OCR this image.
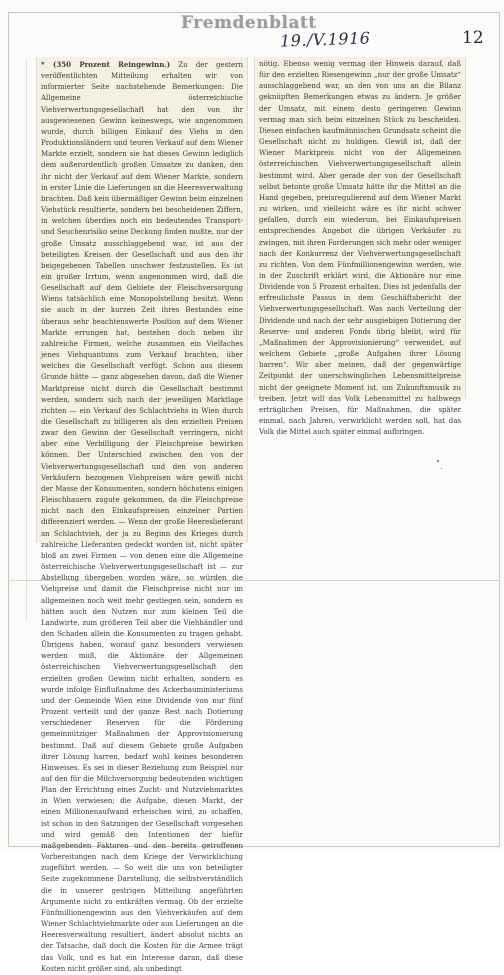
Fremdenblatt
19./V.1916	12

* (350 Prozent Reingewinn.) Zu der gestern veröffentlichten Mitteilung erhalten wir von informierter Seite nachstehende Bemerkungen: Die Allgemeine österreichische Viehverwertungsgesellschaft hat den von ihr ausgewiesenen Gewinn keineswegs, wie angenommen wurde, durch billigen Einkauf des Viehs in den Produktionsländern und teuren Verkauf auf dem Wiener Markte erzielt, sondern sie hat dieses Gewinn lediglich dem außerordentlich großen Umsatze zu danken, den ihr nicht der Verkauf auf dem Wiener Markte, sondern in erster Linie die Lieferungen an die Heeresverwaltung brachten. Daß kein übermäßiger Gewinn beim einzelnen Viehstück resultierte, sondern bei bescheidenen Ziffern, in welchen überdies noch ein bedeutendes Transport- und Seuchenrisiko seine Deckung finden mußte, nur der große Umsatz ausschlaggebend war, ist aus der beteiligten Kreisen der Gesellschaft und aus den ihr beigegebenen Tabellen unschwer festzustellen. Es ist ein großer Irrtum, wenn angenommen wird, daß die Gesellschaft auf dem Gebiete der Fleischversorgung Wiens tatsächlich eine Monopolstellung besitzt. Wenn sie auch in der kurzen Zeit ihres Bestandes eine überaus sehr beachtenswerte Position auf dem Wiener Markte errungen hat, bestehen doch neben ihr zahlreiche Firmen, welche zusammen ein Vielfaches jenes Viehquantums zum Verkauf brachten, über welches die Gesellschaft verfügt. Schon aus diesem Grunde hätte — ganz abgesehen davon, daß die Wiener Marktpreise nicht durch die Gesellschaft bestimmt werden, sondern sich nach der jeweiligen Marktlage richten — ein Verkauf des Schlachtviehs in Wien durch die Gesellschaft zu billigeren als den erzielten Preisen zwar den Gewinn der Gesellschaft verringern, nicht aber eine Verbilligung der Fleischpreise bewirken können. Der Unterschied zwischen den von der Viehverwertungsgesellschaft und den von anderen Verkäufern bezogenen Viehpreisen wäre gewiß nicht der Masse der Konsumenten, sondern höchstens einigen Fleischhauern zugute gekommen, da die Fleischpreise nicht nach den Einkaufspreisen einzelner Partien differenziert werden. — Wenn der große Heereslieferant an Schlachtvieh, der ja zu Beginn des Krieges durch zahlreiche Lieferanten gedeckt worden ist, nicht später bloß an zwei Firmen — von denen eine die Allgemeine österreichische Viehverwertungsgesellschaft ist — zur Abstellung übergeben worden wäre, so würden die Viehpreise und damit die Fleischpreise nicht nur im allgemeinen noch weit mehr gestiegen sein, sondern es hätten auch den Nutzen nur zum kleinen Teil die Landwirte, zum größeren Teil aber die Viehhändler und den Schaden allein die Konsumenten zu tragen gehabt. Übrigens haben, worauf ganz besonders verwiesen werden muß, die Aktionäre der Allgemeinen österreichischen Viehverwertungsgesellschaft den erzielten großen Gewinn nicht erhalten, sondern es wurde infolge Einflußnahme des Ackerbauministeriums und der Gemeinde Wien eine Dividende von nur fünf Prozent verteilt und der ganze Rest nach Dotierung verschiedener Reserven für die Förderung gemeinnütziger Maßnahmen der Approvisionierung bestimmt. Daß auf diesem Gebiete große Aufgaben ihrer Lösung harren, bedarf wohl keines besonderen Hinweises. Es sei in dieser Beziehung zum Beispiel nur auf den für die Milchversorgung bedeutenden wichtigen Plan der Errichtung eines Zucht- und Nutzviehmarktes in Wien verwiesen; die Aufgabe, diesen Markt, der einen Millionenaufwand erheischen wird, zu schaffen, ist schon in den Satzungen der Gesellschaft vorgesehen und wird gemäß den Intentionen der hiefür maßgebenden Faktoren und den bereits getroffenen Vorbereitungen nach dem Kriege der Verwirklichung zugeführt werden. — So weit die uns von beteiligter Seite zugekommene Darstellung, die selbstverständlich die in unserer gestrigen Mitteilung angeführten Argumente nicht zu entkräften vermag. Ob der erzielte Fünfmillionengewinn aus den Viehverkäufen auf dem Wiener Schlachtviehmarkte oder aus Lieferungen an die Heeresverwaltung resultiert, ändert absolut nichts an der Tatsache, daß doch die Kosten für die Armee trägt das Volk, und es hat ein Interesse daran, daß diese Kosten nicht größer sind, als unbedingt

nötig. Ebenso wenig vermag der Hinweis darauf, daß für den erzielten Riesengewinn „nur der große Umsatz“ ausschlaggebend war, an den von uns an die Bilanz geknüpften Bemerkungen etwas zu ändern. Je größer der Umsatz, mit einem desto geringeren Gewinn vermag man sich beim einzelnen Stück zu bescheiden. Diesen einfachen kaufmännischen Grundsatz scheint die Gesellschaft nicht zu huldigen. Gewiß ist, daß der Wiener Marktpreis nicht von der Allgemeinen österreichischen Viehverwertungsgesellschaft allein bestimmt wird. Aber gerade der von der Gesellschaft selbst betonte große Umsatz hätte ihr die Mittel an die Hand gegeben, preisregulierend auf dem Wiener Markt zu wirken, und vielleicht wäre es ihr nicht schwer gefallen, durch ein wiederum, bei Einkaufspreisen entsprechendes Angebot die übrigen Verkäufer zu zwingen, mit ihren Forderungen sich mehr oder weniger nach der Konkurrenz der Viehverwertungsgesellschaft zu richten. Von dem Fünfmillionengewinn werden, wie in der Zuschrift erklärt wird, die Aktionäre nur eine Dividende von 5 Prozent erhalten. Dies ist jedenfalls der erfreulichste Passus in dem Geschäftsbericht der Viehverwertungsgesellschaft. Was nach Verteilung der Dividende und nach der sehr ausgiebigen Dotierung der Reserve- und anderen Fonds übrig bleibt, wird für „Maßnahmen der Approvisionierung“ verwendet, auf welchem Gebiete „große Aufgaben ihrer Lösung harren“. Wir aber meinen, daß der gegenwärtige Zeitpunkt der unerschwinglichen Lebensmittelpreise nicht der geeignete Moment ist, um Zukunftsmusik zu treiben. Jetzt will das Volk Lebensmittel zu halbwegs erträglichen Preisen, für Maßnahmen, die später einmal, nach Jahren, verwirklicht werden soll, hat das Volk die Mittel auch später einmal aufbringen.
